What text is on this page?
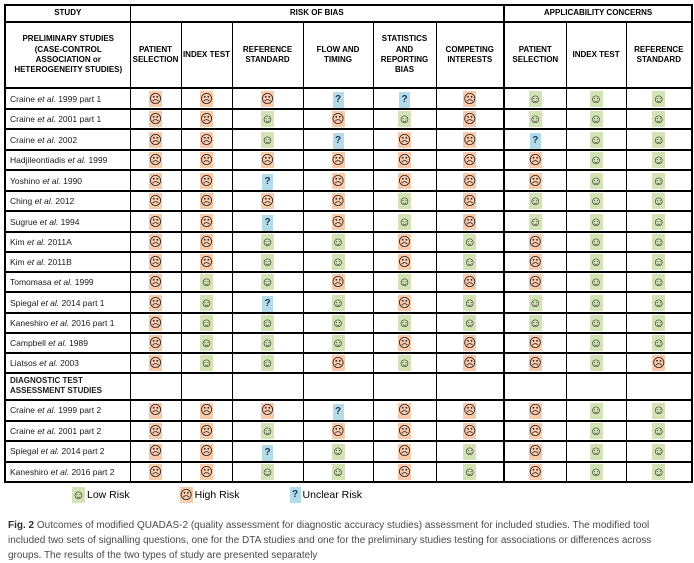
STUDY	RISK OF BIAS						APPLICABILITY CONCERNS		
PRELIMINARY STUDIES (CASE-CONTROL ASSOCIATION or HETEROGENEITY STUDIES)	PATIENT SELECTION	INDEX TEST	REFERENCE STANDARD	FLOW AND TIMING	STATISTICS AND REPORTING BIAS	COMPETING INTERESTS	PATIENT SELECTION	INDEX TEST	REFERENCE STANDARD
Craine et al. 1999 part 1	☹	☹	☹	?	?	☹	☺	☺	☺
Craine et al. 2001 part 1	☹	☹	☺	☹	☺	☹	☺	☺	☺
Craine et al. 2002	☹	☹	☺	?	☹	☹	?	☺	☺
Hadjileontiadis et al. 1999	☹	☹	☹	☹	☹	☹	☹	☺	☺
Yoshino et al. 1990	☹	☹	?	☹	☹	☹	☹	☺	☺
Ching et al. 2012	☹	☹	☹	☹	☺	☹	☺	☺	☺
Sugrue et al. 1994	☹	☹	?	☹	☺	☹	☺	☺	☺
Kim et al. 2011A	☹	☹	☺	☺	☹	☺	☹	☺	☺
Kim et al. 2011B	☹	☹	☺	☺	☹	☺	☹	☺	☺
Tomomasa et al. 1999	☹	☺	☺	☹	☺	☹	☹	☺	☺
Spiegal et al. 2014 part 1	☹	☺	?	☺	☹	☺	☺	☺	☺
Kaneshiro et al. 2016 part 1	☹	☺	☺	☺	☺	☺	☺	☺	☺
Campbell et al. 1989	☹	☺	☺	☺	☹	☹	☹	☺	☺
Liatsos et al. 2003	☹	☺	☺	☹	☺	☹	☹	☺	☹
DIAGNOSTIC TEST ASSESSMENT STUDIES									
Craine et al. 1999 part 2	☹	☹	☹	?	☹	☹	☹	☺	☺
Craine et al. 2001 part 2	☹	☹	☺	☹	☹	☹	☹	☺	☺
Spiegal et al. 2014 part 2	☹	☹	?	☺	☹	☺	☹	☺	☺
Kaneshiro et al. 2016 part 2	☹	☹	☺	☺	☹	☺	☹	☺	☺
☺ Low Risk	☹ High Risk	? Unclear Risk

Fig. 2 Outcomes of modified QUADAS-2 (quality assessment for diagnostic accuracy studies) assessment for included studies. The modified tool included two sets of signalling questions, one for the DTA studies and one for the preliminary studies testing for associations or differences across groups. The results of the two types of study are presented separately
